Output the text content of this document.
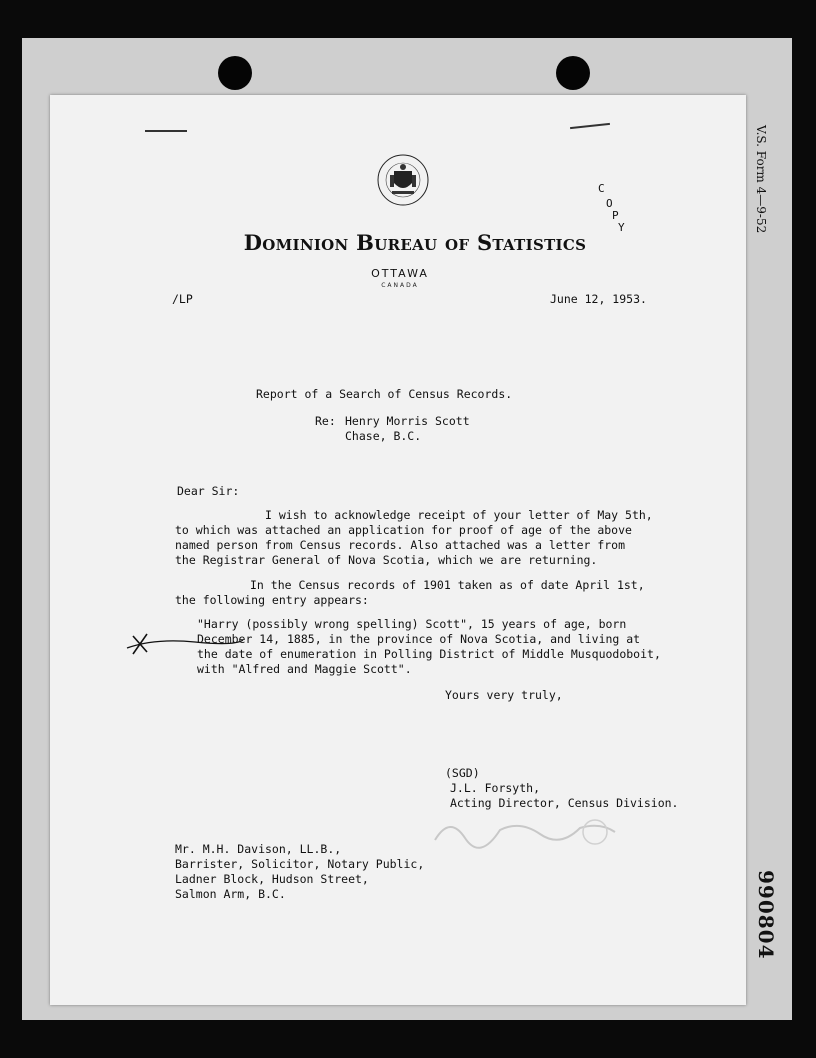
V.S. Form 4—9-52
990804
Dominion Bureau of Statistics
OTTAWA
CANADA
C
O
P
Y
/LP	June 12, 1953.
Report of a Search of Census Records.
Re: Henry Morris Scott
Chase, B.C.
Dear Sir:
I wish to acknowledge receipt of your letter of May 5th,
to which was attached an application for proof of age of the above
named person from Census records. Also attached was a letter from
the Registrar General of Nova Scotia, which we are returning.
In the Census records of 1901 taken as of date April 1st,
the following entry appears:
"Harry (possibly wrong spelling) Scott", 15 years of age, born
December 14, 1885, in the province of Nova Scotia, and living at
the date of enumeration in Polling District of Middle Musquodoboit,
with "Alfred and Maggie Scott".
Yours very truly,
(SGD)
J.L. Forsyth,
Acting Director, Census Division.
Mr. M.H. Davison, LL.B.,
Barrister, Solicitor, Notary Public,
Ladner Block, Hudson Street,
Salmon Arm, B.C.
